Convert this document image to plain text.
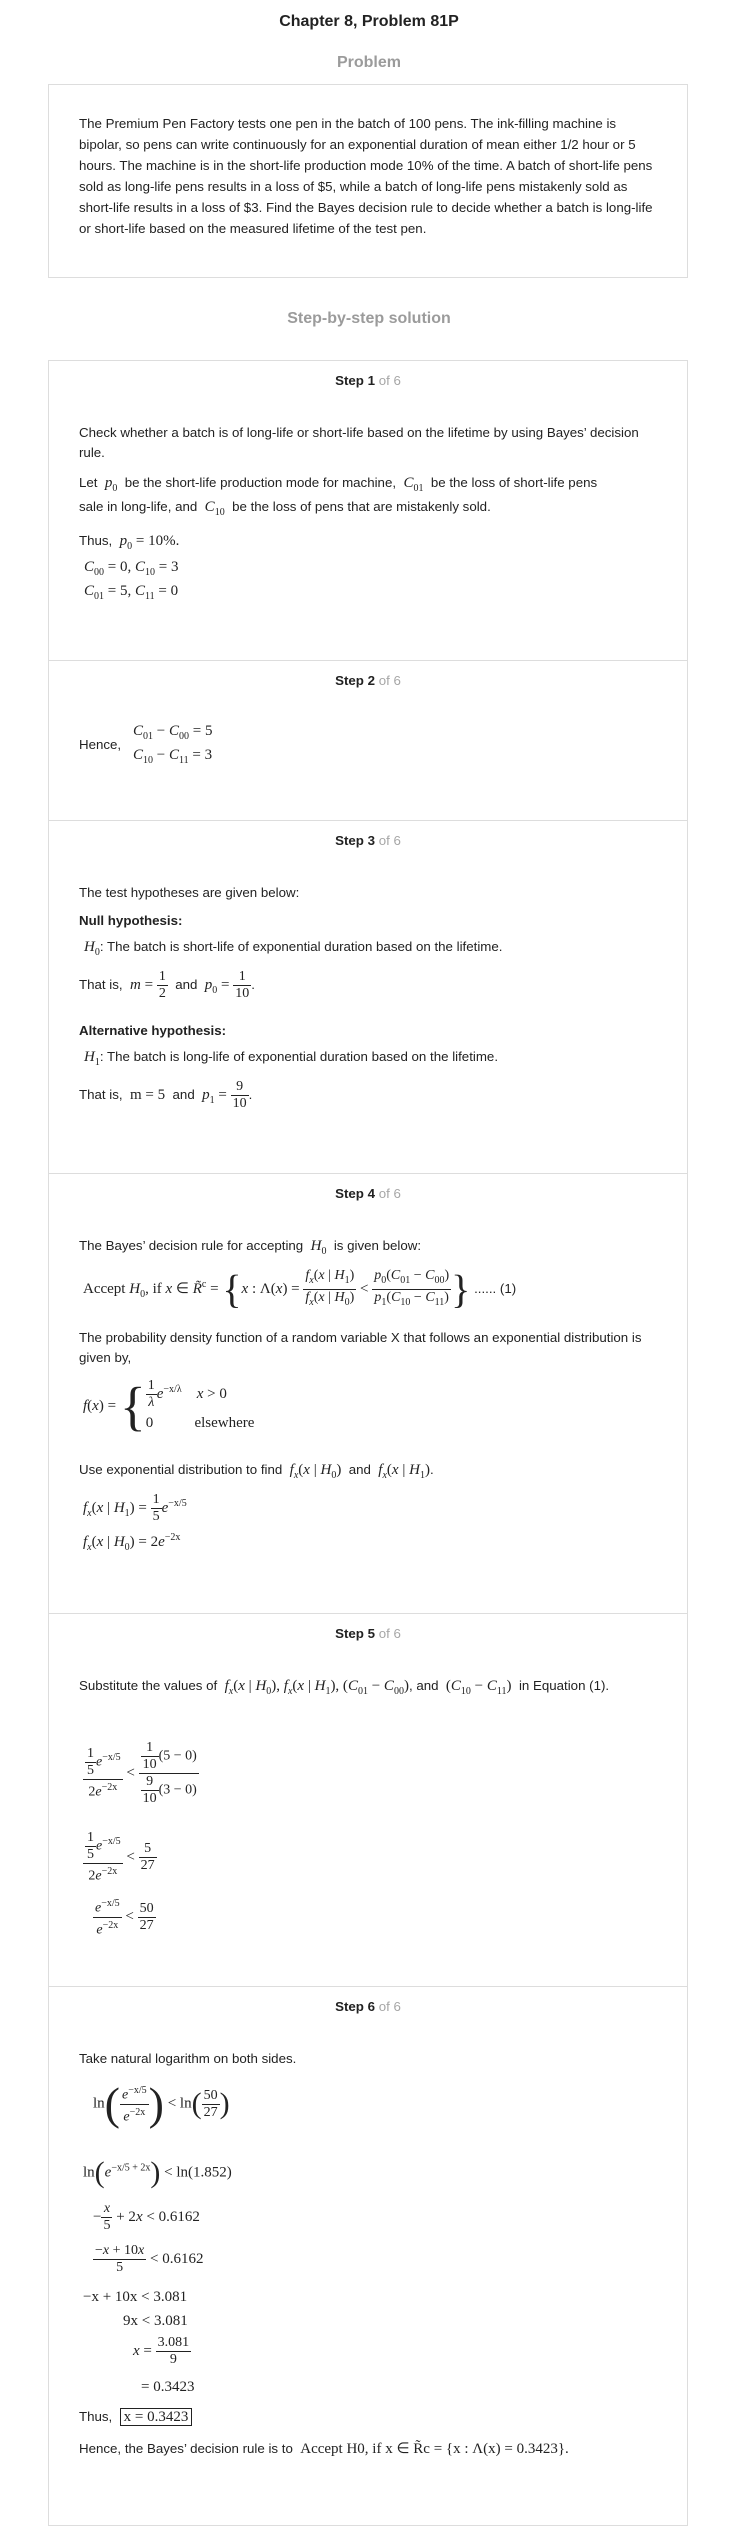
Chapter 8, Problem 81P
Problem
The Premium Pen Factory tests one pen in the batch of 100 pens. The ink-filling machine is bipolar, so pens can write continuously for an exponential duration of mean either 1/2 hour or 5 hours. The machine is in the short-life production mode 10% of the time. A batch of short-life pens sold as long-life pens results in a loss of $5, while a batch of long-life pens mistakenly sold as short-life results in a loss of $3. Find the Bayes decision rule to decide whether a batch is long-life or short-life based on the measured lifetime of the test pen.
Step-by-step solution
Step 1 of 6
Check whether a batch is of long-life or short-life based on the lifetime by using Bayes’ decision rule.
Let $p_0$ be the short-life production mode for machine, $C_{01}$ be the loss of short-life pens
sale in long-life, and $C_{10}$ be the loss of pens that are mistakenly sold.
Thus, $p_0 = 10\%$.
$C_{00} = 0$, $C_{10} = 3$
$C_{01} = 5$, $C_{11} = 0$
Step 2 of 6
Hence,
$C_{01} - C_{00} = 5$
$C_{10} - C_{11} = 3$
Step 3 of 6
The test hypotheses are given below:
Null hypothesis:
$H_0$: The batch is short-life of exponential duration based on the lifetime.
That is, $m = \frac{1}{2}$ and $p_0 = \frac{1}{10}$ .
Alternative hypothesis:
$H_1$: The batch is long-life of exponential duration based on the lifetime.
That is, m = 5 and $p_1 = \frac{9}{10}$ .
Step 4 of 6
The Bayes’ decision rule for accepting $H_0$ is given below:
Accept $H_0$, if x ∈ R̃$^c$ = {x : $\Lambda(x) = \frac{f_x(x | H_1)}{f_x(x | H_0)} < \frac{p_0(C_{01} - C_{00})}{p_1(C_{10} - C_{11})}$ } ...... (1)
The probability density function of a random variable X that follows an exponential distribution is given by,
f(x) = { $\frac{1}{\lambda} e^{-x/\lambda}$ x > 0
0           elsewhere
Use exponential distribution to find $f_x(x$ | $H_0$) and $f_x(x$ | $H_1$).
$f_x(x$ | $H_1) = \frac{1}{5} e^{-x/5}$
$f_x(x$ | $H_0) = 2e^{-2x}$
Step 5 of 6
Substitute the values of $f_x(x$ | $H_0$), $f_x(x$ | $H_1$), $(C_{01} - C_{00})$, and $(C_{10} - C_{11})$ in Equation (1).
$\frac{\frac{1}{5} e^{-x/5}}{2e^{-2x}} < \frac{\frac{1}{10} (5 - 0)}{\frac{9}{10} (3 - 0)}$
$\frac{\frac{1}{5} e^{-x/5}}{2e^{-2x}} < \frac{5}{27}$
$\frac{e^{-x/5}}{e^{-2x}} < \frac{50}{27}$
Step 6 of 6
Take natural logarithm on both sides.
$\ln( \frac{e^{-x/5}}{e^{-2x}}$ ) < $\ln( \frac{50}{27}$ )
$\ln(e^{-x/5 + 2x}) < \ln(1.852)$
− $\frac{x}{5} + 2x < 0.6162$
$\frac{-x + 10x}{5} < 0.6162$
−x + 10x < 3.081
9x < 3.081
$x = \frac{3.081}{9}$
= 0.3423
Thus, x = 0.3423
Hence, the Bayes’ decision rule is to Accept H0, if x ∈ R̃c = {x : Λ(x) = 0.3423}.
